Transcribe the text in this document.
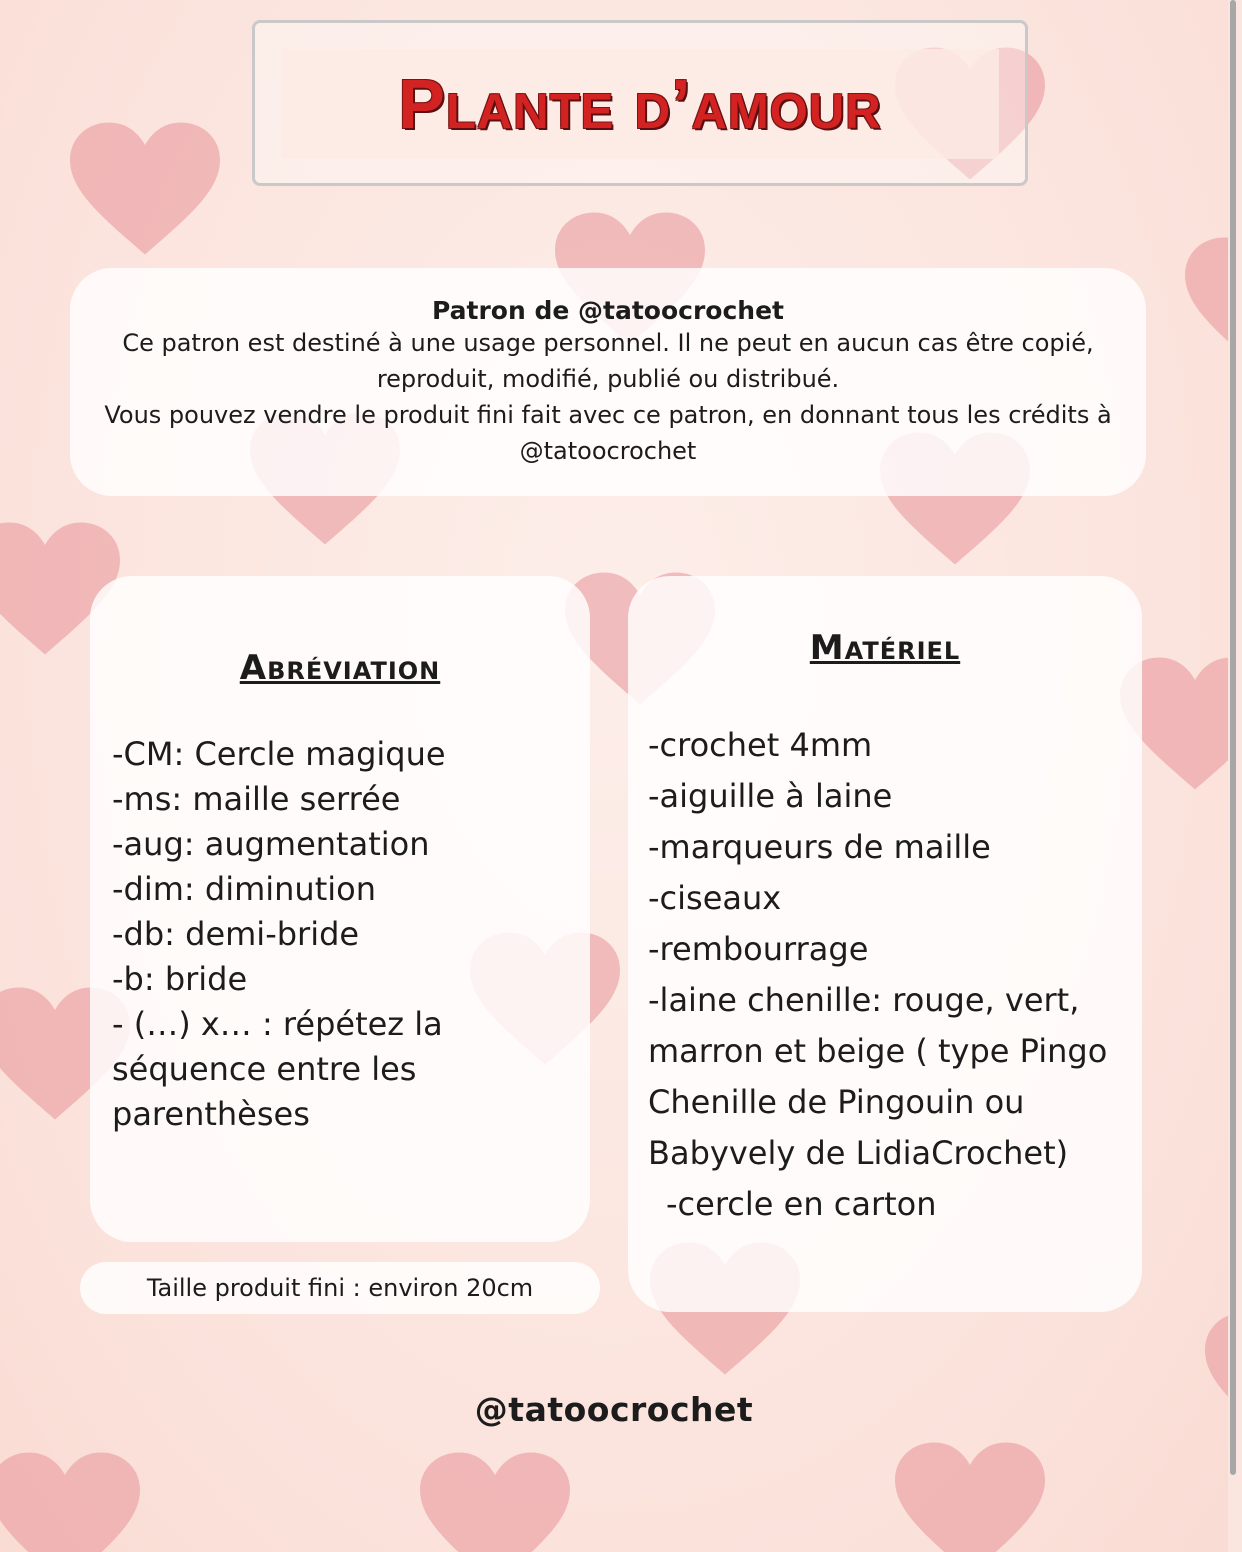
Plante d’amour
Patron de @tatoocrochet
Ce patron est destiné à une usage personnel. Il ne peut en aucun cas être copié, reproduit, modifié, publié ou distribué.
Vous pouvez vendre le produit fini fait avec ce patron, en donnant tous les crédits à @tatoocrochet
Abréviation
-CM: Cercle magique
-ms: maille serrée
-aug: augmentation
-dim: diminution
-db: demi-bride
-b: bride
- (…) x… : répétez la séquence entre les parenthèses
Matériel
-crochet 4mm
-aiguille à laine
-marqueurs de maille
-ciseaux
-rembourrage
-laine chenille: rouge, vert, marron et beige ( type Pingo Chenille de Pingouin ou Babyvely de LidiaCrochet)
-cercle en carton
Taille produit fini : environ 20cm
@tatoocrochet
